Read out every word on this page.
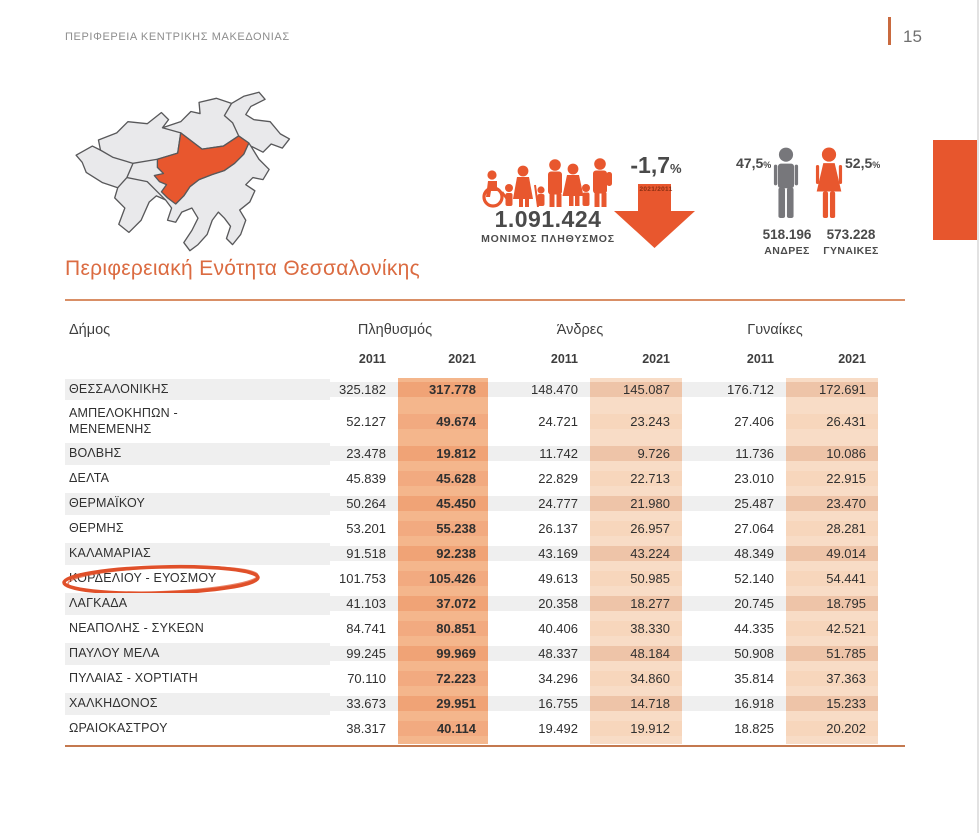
ΠΕΡΙΦΕΡΕΙΑ ΚΕΝΤΡΙΚΗΣ ΜΑΚΕΔΟΝΙΑΣ	15
1.091.424
ΜΟΝΙΜΟΣ ΠΛΗΘΥΣΜΟΣ
-1,7%
2021/2011
47,5%	52,5%
518.196
ΑΝΔΡΕΣ
573.228
ΓΥΝΑΙΚΕΣ
Περιφερειακή Ενότητα Θεσσαλονίκης
Δήμος	Πληθυσμός	Άνδρες	Γυναίκες
2011	2021	2011	2021	2011	2021
ΘΕΣΣΑΛΟΝΙΚΗΣ	325.182	317.778	148.470	145.087	176.712	172.691
ΑΜΠΕΛΟΚΗΠΩΝ - ΜΕΝΕΜΕΝΗΣ	52.127	49.674	24.721	23.243	27.406	26.431
ΒΟΛΒΗΣ	23.478	19.812	11.742	9.726	11.736	10.086
ΔΕΛΤΑ	45.839	45.628	22.829	22.713	23.010	22.915
ΘΕΡΜΑΪΚΟΥ	50.264	45.450	24.777	21.980	25.487	23.470
ΘΕΡΜΗΣ	53.201	55.238	26.137	26.957	27.064	28.281
ΚΑΛΑΜΑΡΙΑΣ	91.518	92.238	43.169	43.224	48.349	49.014
ΚΟΡΔΕΛΙΟΥ - ΕΥΟΣΜΟΥ	101.753	105.426	49.613	50.985	52.140	54.441
ΛΑΓΚΑΔΑ	41.103	37.072	20.358	18.277	20.745	18.795
ΝΕΑΠΟΛΗΣ - ΣΥΚΕΩΝ	84.741	80.851	40.406	38.330	44.335	42.521
ΠΑΥΛΟΥ ΜΕΛΑ	99.245	99.969	48.337	48.184	50.908	51.785
ΠΥΛΑΙΑΣ - ΧΟΡΤΙΑΤΗ	70.110	72.223	34.296	34.860	35.814	37.363
ΧΑΛΚΗΔΟΝΟΣ	33.673	29.951	16.755	14.718	16.918	15.233
ΩΡΑΙΟΚΑΣΤΡΟΥ	38.317	40.114	19.492	19.912	18.825	20.202
